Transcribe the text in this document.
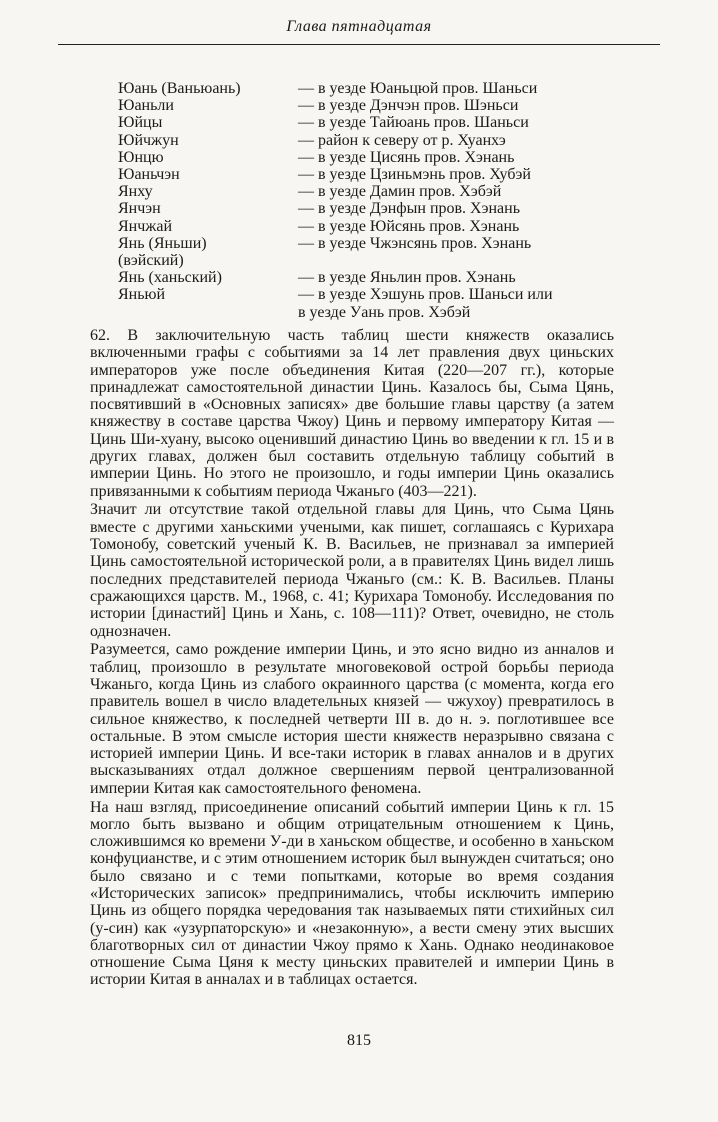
Глава пятнадцатая
Юань (Ваньюань)	— в уезде Юаньцюй пров. Шаньси
Юаньли	— в уезде Дэнчэн пров. Шэньси
Юйцы	— в уезде Тайюань пров. Шаньси
Юйчжун	— район к северу от р. Хуанхэ
Юнцю	— в уезде Цисянь пров. Хэнань
Юаньчэн	— в уезде Цзиньмэнь пров. Хубэй
Янху	— в уезде Дамин пров. Хэбэй
Янчэн	— в уезде Дэнфын пров. Хэнань
Янчжай	— в уезде Юйсянь пров. Хэнань
Янь (Яньши)	— в уезде Чжэнсянь пров. Хэнань
(вэйский)
Янь (ханьский)	— в уезде Яньлин пров. Хэнань
Яньюй	— в уезде Хэшунь пров. Шаньси или
в уезде Уань пров. Хэбэй

62. В заключительную часть таблиц шести княжеств оказались включенными графы с событиями за 14 лет правления двух циньских императоров уже после объединения Китая (220—207 гг.), которые принадлежат самостоятельной династии Цинь. Казалось бы, Сыма Цянь, посвятивший в «Основных записях» две большие главы царству (а затем княжеству в составе царства Чжоу) Цинь и первому императору Китая — Цинь Ши-хуану, высоко оценивший династию Цинь во введении к гл. 15 и в других главах, должен был составить отдельную таблицу событий в империи Цинь. Но этого не произошло, и годы империи Цинь оказались привязанными к событиям периода Чжаньго (403—221).

Значит ли отсутствие такой отдельной главы для Цинь, что Сыма Цянь вместе с другими ханьскими учеными, как пишет, соглашаясь с Курихара Томонобу, советский ученый К. В. Васильев, не признавал за империей Цинь самостоятельной исторической роли, а в правителях Цинь видел лишь последних представителей периода Чжаньго (см.: К. В. Васильев. Планы сражающихся царств. М., 1968, с. 41; Курихара Томонобу. Исследования по истории [династий] Цинь и Хань, с. 108—111)? Ответ, очевидно, не столь однозначен.

Разумеется, само рождение империи Цинь, и это ясно видно из анналов и таблиц, произошло в результате многовековой острой борьбы периода Чжаньго, когда Цинь из слабого окраинного царства (с момента, когда его правитель вошел в число владетельных князей — чжухоу) превратилось в сильное княжество, к последней четверти III в. до н. э. поглотившее все остальные. В этом смысле история шести княжеств неразрывно связана с историей империи Цинь. И все-таки историк в главах анналов и в других высказываниях отдал должное свершениям первой централизованной империи Китая как самостоятельного феномена.

На наш взгляд, присоединение описаний событий империи Цинь к гл. 15 могло быть вызвано и общим отрицательным отношением к Цинь, сложившимся ко времени У-ди в ханьском обществе, и особенно в ханьском конфуцианстве, и с этим отношением историк был вынужден считаться; оно было связано и с теми попытками, которые во время создания «Исторических записок» предпринимались, чтобы исключить империю Цинь из общего порядка чередования так называемых пяти стихийных сил (у-син) как «узурпаторскую» и «незаконную», а вести смену этих высших благотворных сил от династии Чжоу прямо к Хань. Однако неодинаковое отношение Сыма Цяня к месту циньских правителей и империи Цинь в истории Китая в анналах и в таблицах остается.

815
